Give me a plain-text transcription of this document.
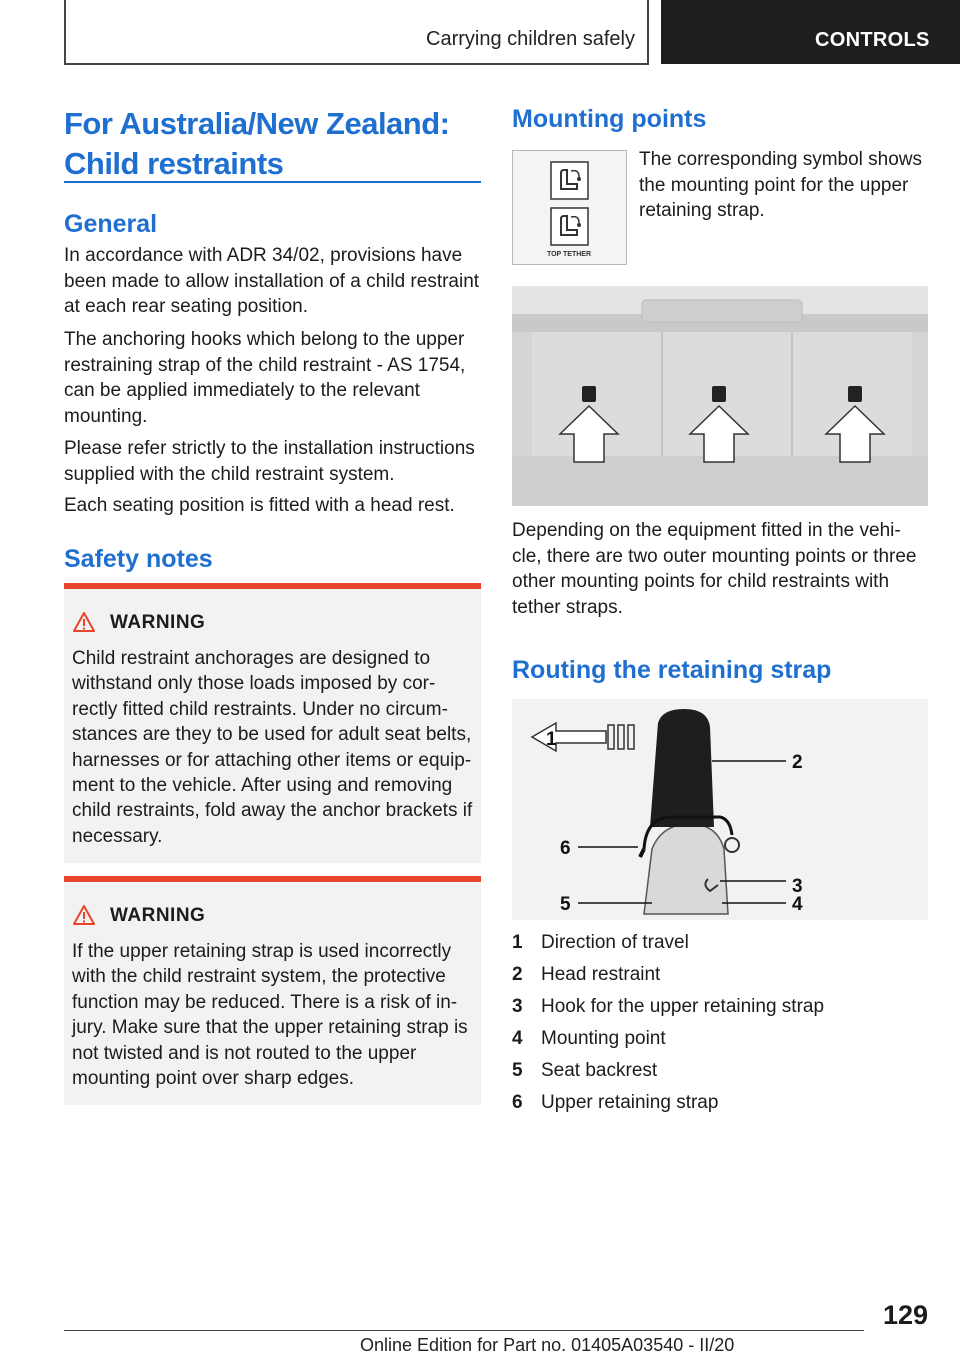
Carrying children safely	CONTROLS
For Australia/New Zealand:
Child restraints
General
In accordance with ADR 34/02, provisions have been made to allow installation of a child restraint at each rear seating position.
The anchoring hooks which belong to the upper restraining strap of the child restraint - AS 1754, can be applied immediately to the relevant mounting.
Please refer strictly to the installation instructions supplied with the child restraint system.
Each seating position is fitted with a head rest.
Safety notes
WARNING
Child restraint anchorages are designed to withstand only those loads imposed by cor-rectly fitted child restraints. Under no circum-stances are they to be used for adult seat belts, harnesses or for attaching other items or equip-ment to the vehicle. After using and removing child restraints, fold away the anchor brackets if necessary.
WARNING
If the upper retaining strap is used incorrectly with the child restraint system, the protective function may be reduced. There is a risk of in-jury. Make sure that the upper retaining strap is not twisted and is not routed to the upper mounting point over sharp edges.
Mounting points
TOP TETHER
The corresponding symbol shows the mounting point for the upper retaining strap.
Depending on the equipment fitted in the vehi-cle, there are two outer mounting points or three other mounting points for child restraints with tether straps.
Routing the retaining strap
1
2
3
4
5
6
1 Direction of travel
2 Head restraint
3 Hook for the upper retaining strap
4 Mounting point
5 Seat backrest
6 Upper retaining strap
129
Online Edition for Part no. 01405A03540 - II/20
